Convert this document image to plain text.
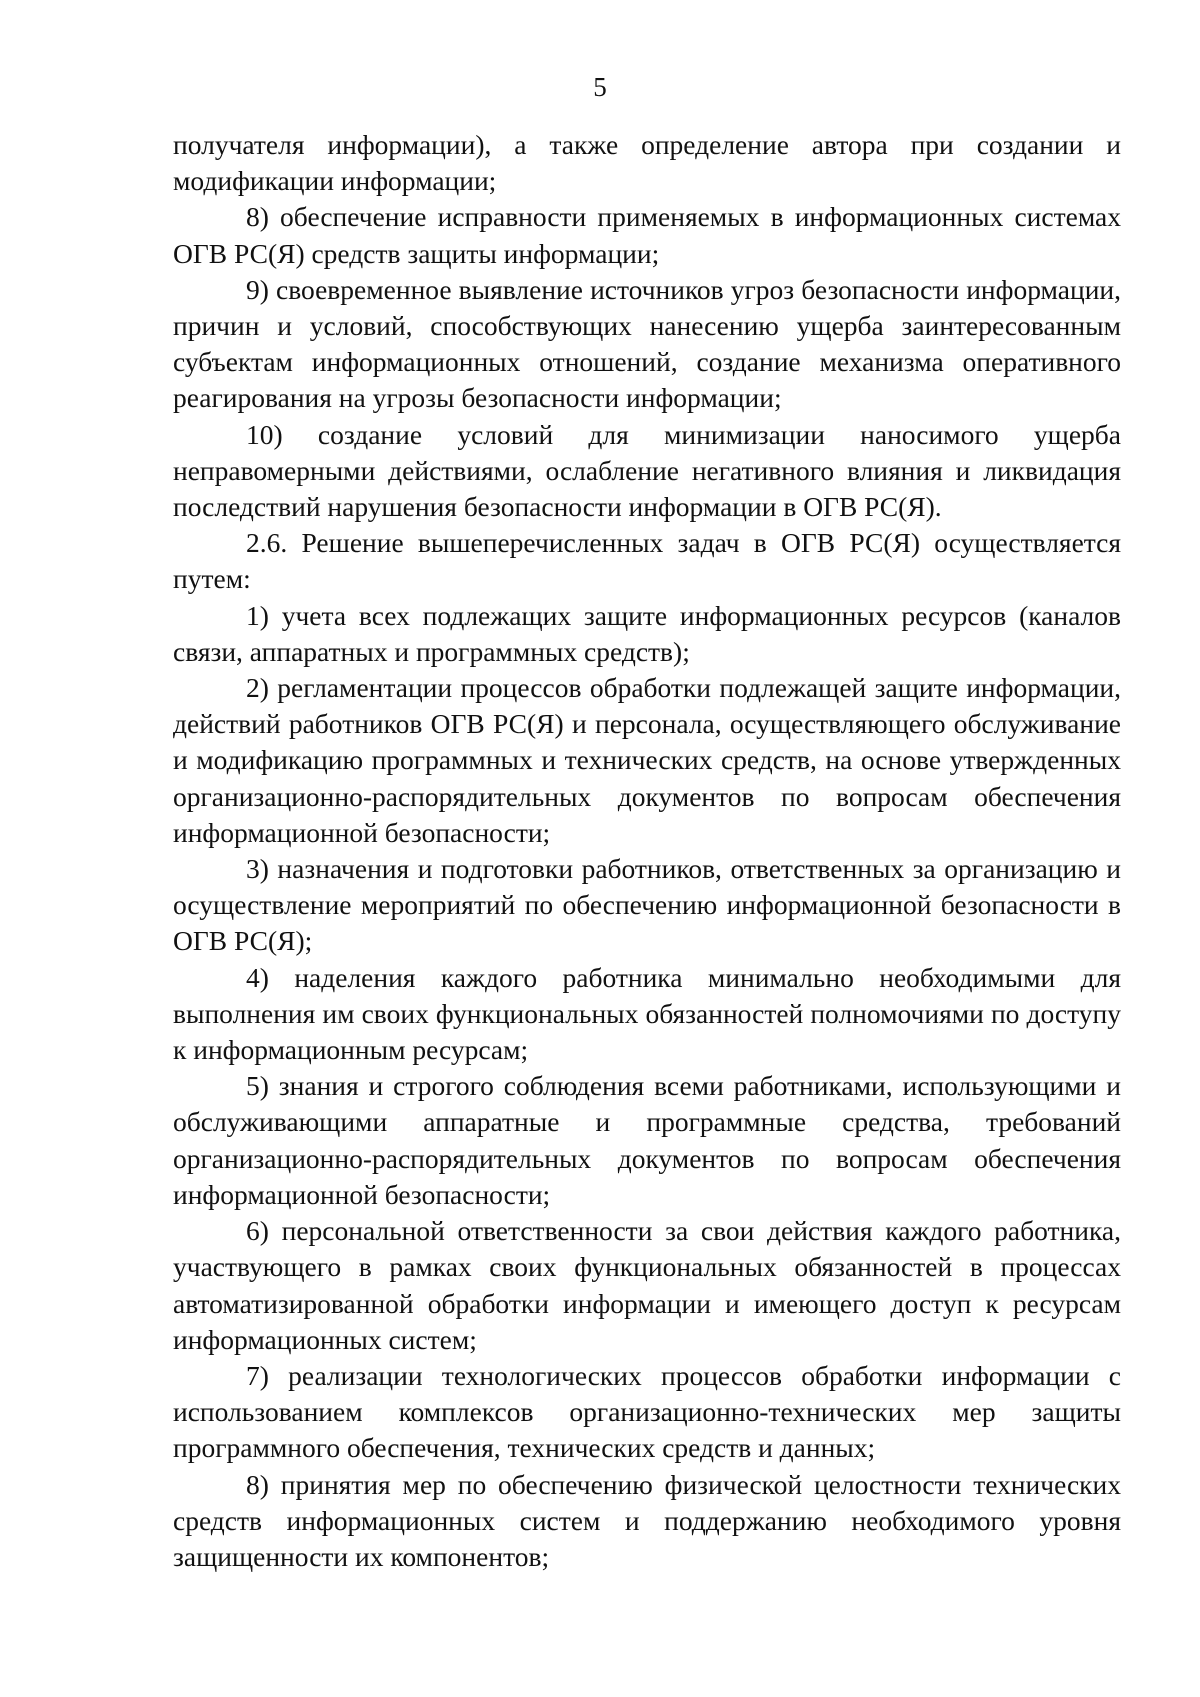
5

получателя информации), а также определение автора при создании и модификации информации;

8) обеспечение исправности применяемых в информационных системах ОГВ РС(Я) средств защиты информации;

9) своевременное выявление источников угроз безопасности информации, причин и условий, способствующих нанесению ущерба заинтересованным субъектам информационных отношений, создание механизма оперативного реагирования на угрозы безопасности информации;

10) создание условий для минимизации наносимого ущерба неправомерными действиями, ослабление негативного влияния и ликвидация последствий нарушения безопасности информации в ОГВ РС(Я).

2.6. Решение вышеперечисленных задач в ОГВ РС(Я) осуществляется путем:

1) учета всех подлежащих защите информационных ресурсов (каналов связи, аппаратных и программных средств);

2) регламентации процессов обработки подлежащей защите информации, действий работников ОГВ РС(Я) и персонала, осуществляющего обслуживание и модификацию программных и технических средств, на основе утвержденных организационно-распорядительных документов по вопросам обеспечения информационной безопасности;

3) назначения и подготовки работников, ответственных за организацию и осуществление мероприятий по обеспечению информационной безопасности в ОГВ РС(Я);

4) наделения каждого работника минимально необходимыми для выполнения им своих функциональных обязанностей полномочиями по доступу к информационным ресурсам;

5) знания и строгого соблюдения всеми работниками, использующими и обслуживающими аппаратные и программные средства, требований организационно-распорядительных документов по вопросам обеспечения информационной безопасности;

6) персональной ответственности за свои действия каждого работника, участвующего в рамках своих функциональных обязанностей в процессах автоматизированной обработки информации и имеющего доступ к ресурсам информационных систем;

7) реализации технологических процессов обработки информации с использованием комплексов организационно-технических мер защиты программного обеспечения, технических средств и данных;

8) принятия мер по обеспечению физической целостности технических средств информационных систем и поддержанию необходимого уровня защищенности их компонентов;
